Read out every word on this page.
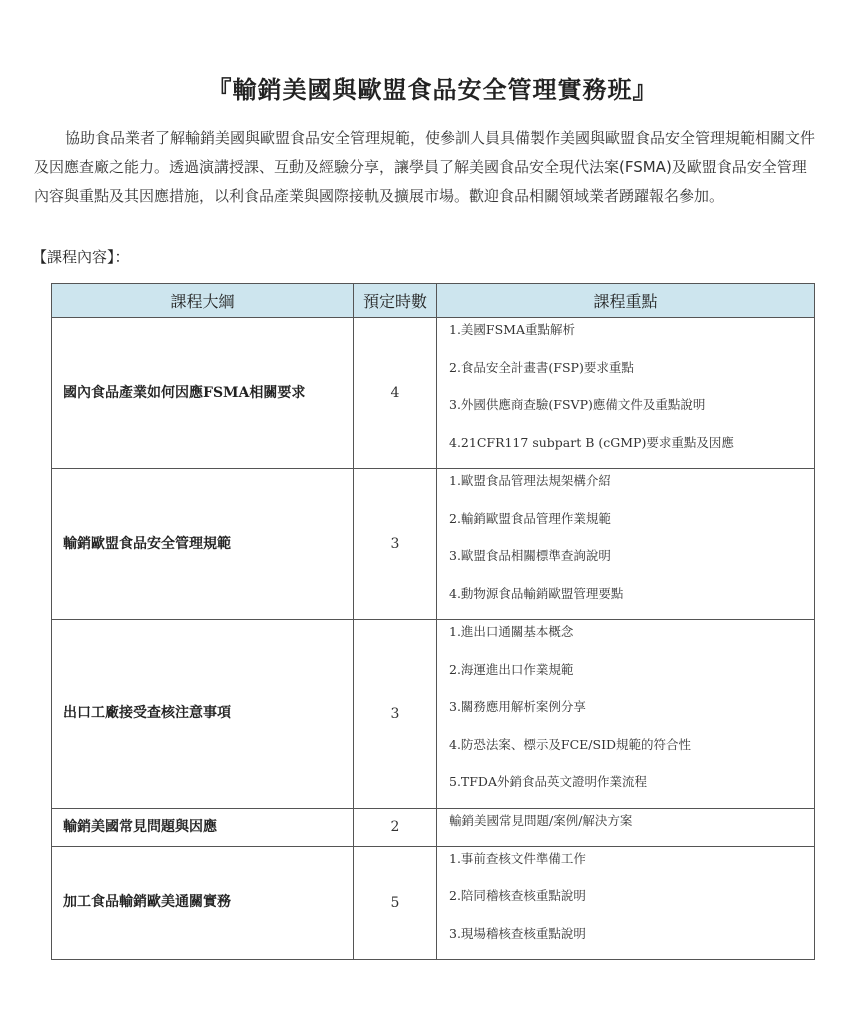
『輸銷美國與歐盟食品安全管理實務班』
協助食品業者了解輸銷美國與歐盟食品安全管理規範，使參訓人員具備製作美國與歐盟食品安全管理規範相關文件及因應查廠之能力。透過演講授課、互動及經驗分享，讓學員了解美國食品安全現代法案(FSMA)及歐盟食品安全管理內容與重點及其因應措施，以利食品產業與國際接軌及擴展市場。歡迎食品相關領域業者踴躍報名參加。
【課程內容】：
課程大綱	預定時數	課程重點
國內食品產業如何因應FSMA相關要求	4	1.美國FSMA重點解析
2.食品安全計畫書(FSP)要求重點
3.外國供應商查驗(FSVP)應備文件及重點說明
4.21CFR117 subpart B (cGMP)要求重點及因應

輸銷歐盟食品安全管理規範	3	1.歐盟食品管理法規架構介紹
2.輸銷歐盟食品管理作業規範
3.歐盟食品相關標準查詢說明
4.動物源食品輸銷歐盟管理要點

出口工廠接受查核注意事項	3	1.進出口通關基本概念
2.海運進出口作業規範
3.關務應用解析案例分享
4.防恐法案、標示及FCE/SID規範的符合性
5.TFDA外銷食品英文證明作業流程

輸銷美國常見問題與因應	2	輸銷美國常見問題/案例/解決方案

加工食品輸銷歐美通關實務	5	1.事前查核文件準備工作
2.陪同稽核查核重點說明
3.現場稽核查核重點說明
